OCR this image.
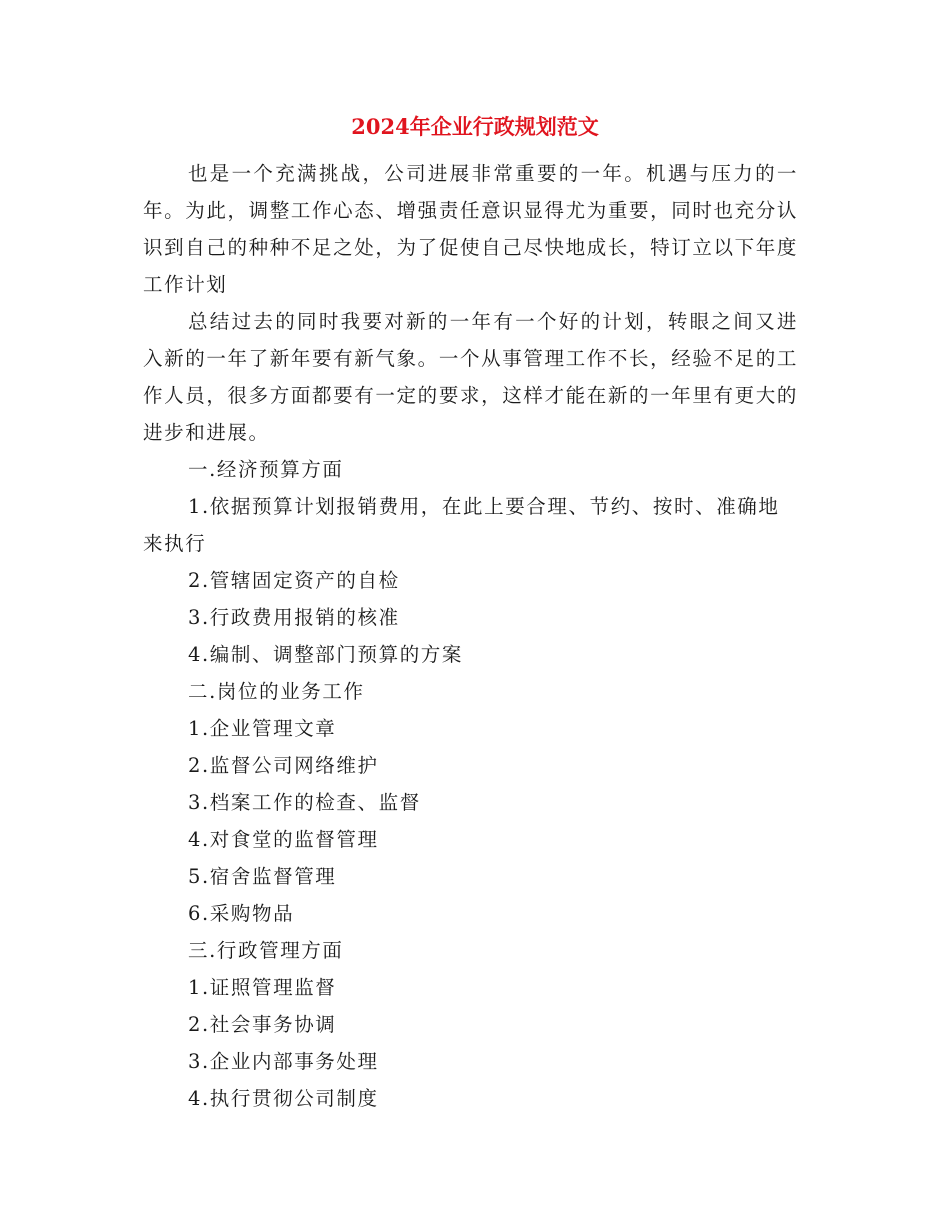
2024年企业行政规划范文

也是一个充满挑战，公司进展非常重要的一年。机遇与压力的一年。为此，调整工作心态、增强责任意识显得尤为重要，同时也充分认识到自己的种种不足之处，为了促使自己尽快地成长，特订立以下年度工作计划

总结过去的同时我要对新的一年有一个好的计划，转眼之间又进入新的一年了新年要有新气象。一个从事管理工作不长，经验不足的工作人员，很多方面都要有一定的要求，这样才能在新的一年里有更大的进步和进展。

一.经济预算方面

1.依据预算计划报销费用，在此上要合理、节约、按时、准确地来执行

2.管辖固定资产的自检

3.行政费用报销的核准

4.编制、调整部门预算的方案

二.岗位的业务工作

1.企业管理文章

2.监督公司网络维护

3.档案工作的检查、监督

4.对食堂的监督管理

5.宿舍监督管理

6.采购物品

三.行政管理方面

1.证照管理监督

2.社会事务协调

3.企业内部事务处理

4.执行贯彻公司制度
